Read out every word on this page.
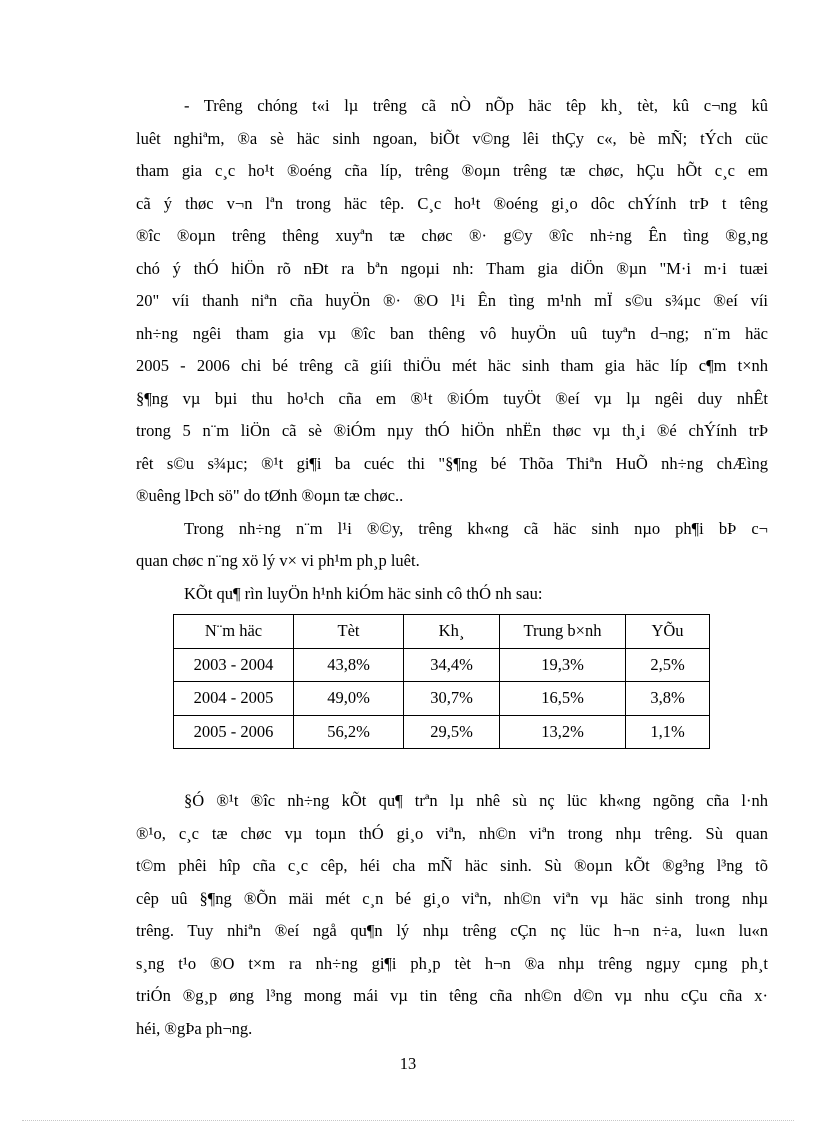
- Trêng chóng t«i lµ trêng cã nÒ nÕp häc têp kh¸ tèt, kû c¬ng kû
luêt nghiªm, ®a sè häc sinh ngoan, biÕt v©ng lêi thÇy c«, bè mÑ; tÝch cüc
tham gia c¸c ho¹t ®oéng cña líp, trêng ®oµn trêng tæ chøc, hÇu hÕt c¸c em
cã ý thøc v¬n lªn trong häc têp. C¸c ho¹t ®oéng gi¸o dôc chÝính trÞ t têng
®îc ®oµn trêng thêng xuyªn tæ chøc ®· g©y ®îc nh÷ng Ên tìng ®g¸ng
chó ý thÓ hiÖn rõ nÐt ra bªn ngoµi nh: Tham gia diÖn ®µn "M·i m·i tuæi
20" víi thanh niªn cña huyÖn ®· ®O l¹i Ên tìng m¹nh mÏ s©u s¾µc ®eí víi
nh÷ng ngêi tham gia vµ ®îc ban thêng vô huyÖn uû tuyªn d¬ng; n¨m häc
2005 - 2006 chi bé trêng cã giíi thiÖu mét häc sinh tham gia häc líp c¶m t×nh
§¶ng vµ bµi thu ho¹ch cña em ®¹t ®iÓm tuyÖt ®eí vµ lµ ngêi duy nhÊt
trong 5 n¨m liÖn cã sè ®iÓm nµy thÓ hiÖn nhËn thøc vµ th¸i ®é chÝính trÞ
rêt s©u s¾µc; ®¹t gi¶i ba cuéc thi "§¶ng bé Thõa Thiªn HuÕ nh÷ng chÆìng
®uêng lÞch sö" do tØnh ®oµn tæ chøc..

Trong nh÷ng n¨m l¹i ®©y, trêng kh«ng cã häc sinh nµo ph¶i bÞ c¬
quan chøc n¨ng xö lý v× vi ph¹m ph¸p luêt.

KÕt qu¶ rìn luyÖn h¹nh kiÓm häc sinh cô thÓ nh sau:

N¨m häc	Tèt	Kh¸	Trung b×nh	YÕu
2003 - 2004	43,8%	34,4%	19,3%	2,5%
2004 - 2005	49,0%	30,7%	16,5%	3,8%
2005 - 2006	56,2%	29,5%	13,2%	1,1%

§Ó ®¹t ®îc nh÷ng kÕt qu¶ trªn lµ nhê sù nç lüc kh«ng ngõng cña l·nh
®¹o, c¸c tæ chøc vµ toµn thÓ gi¸o viªn, nh©n viªn trong nhµ trêng. Sù quan
t©m phêi hîp cña c¸c cêp, héi cha mÑ häc sinh. Sù ®oµn kÕt ®g³ng l³ng tõ
cêp uû §¶ng ®Õn mäi mét c¸n bé gi¸o viªn, nh©n viªn vµ häc sinh trong nhµ
trêng. Tuy nhiªn ®eí ngå qu¶n lý nhµ trêng cÇn nç lüc h¬n n÷a, lu«n lu«n
s¸ng t¹o ®O t×m ra nh÷ng gi¶i ph¸p tèt h¬n ®a nhµ trêng ngµy cµng ph¸t
triÓn ®g¸p øng l³ng mong mái vµ tin têng cña nh©n d©n vµ nhu cÇu cña x·
héi, ®gÞa ph¬ng.

13
